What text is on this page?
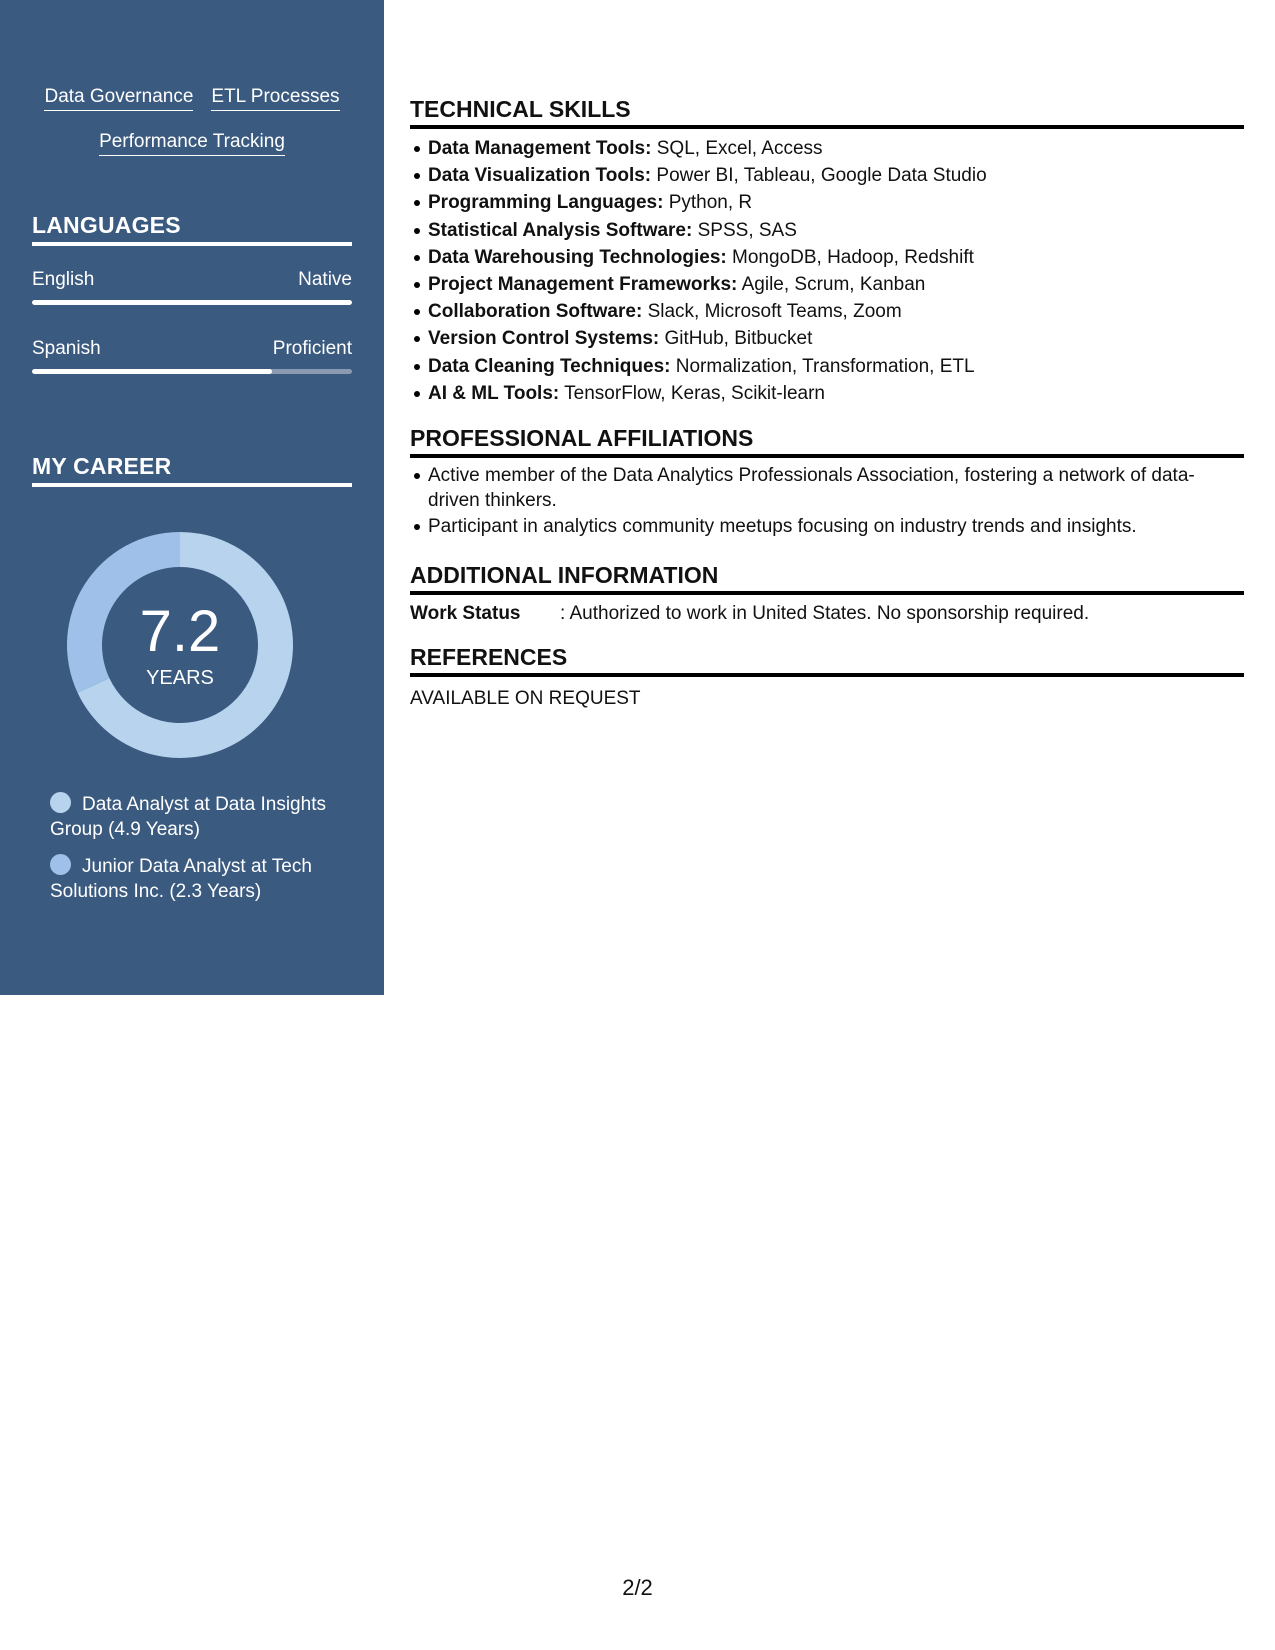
Data Governance ETL Processes
Performance Tracking
LANGUAGES
English	Native
Spanish	Proficient
MY CAREER
7.2
YEARS
Data Analyst at Data Insights Group (4.9 Years)
Junior Data Analyst at Tech Solutions Inc. (2.3 Years)
TECHNICAL SKILLS
Data Management Tools: SQL, Excel, Access
Data Visualization Tools: Power BI, Tableau, Google Data Studio
Programming Languages: Python, R
Statistical Analysis Software: SPSS, SAS
Data Warehousing Technologies: MongoDB, Hadoop, Redshift
Project Management Frameworks: Agile, Scrum, Kanban
Collaboration Software: Slack, Microsoft Teams, Zoom
Version Control Systems: GitHub, Bitbucket
Data Cleaning Techniques: Normalization, Transformation, ETL
AI & ML Tools: TensorFlow, Keras, Scikit-learn
PROFESSIONAL AFFILIATIONS
Active member of the Data Analytics Professionals Association, fostering a network of data-driven thinkers.
Participant in analytics community meetups focusing on industry trends and insights.
ADDITIONAL INFORMATION
Work Status : Authorized to work in United States. No sponsorship required.
REFERENCES
AVAILABLE ON REQUEST
2/2
